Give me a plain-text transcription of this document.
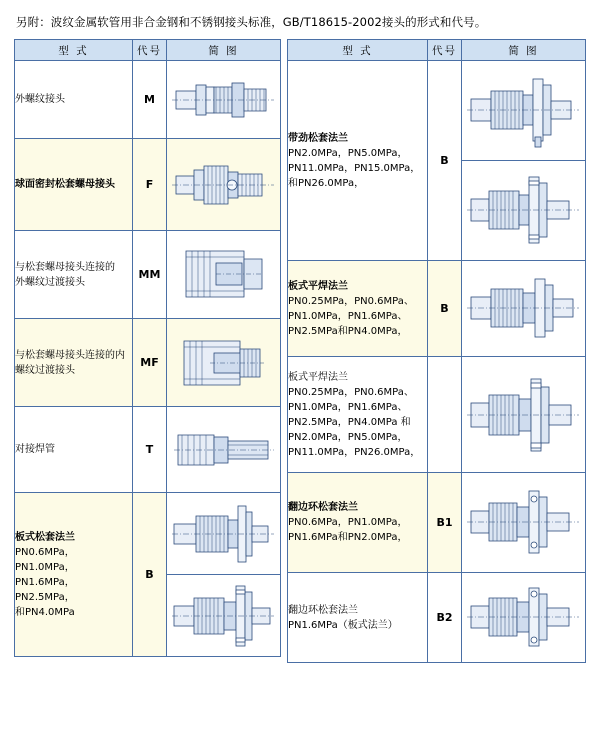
另附：波纹金属软管用非合金钢和不锈钢接头标准，GB/T18615-2002接头的形式和代号。
型 式	代号	简 图

外螺纹接头	M	

球面密封松套螺母接头	F	

与松套螺母接头连接的
外螺纹过渡接头	MM	

与松套螺母接头连接的内
螺纹过渡接头	MF	

对接焊管	T	

板式松套法兰
PN0.6MPa，PN1.0MPa，
PN1.6MPa，PN2.5MPa，
和PN4.0MPa	B	

型 式	代号	简 图

带劲松套法兰
PN2.0MPa，PN5.0MPa，
PN11.0MPa，PN15.0MPa，
和PN26.0MPa，	B	

板式平焊法兰
PN0.25MPa，PN0.6MPa、
PN1.0MPa，PN1.6MPa、
PN2.5MPa和PN4.0MPa，	B	

板式平焊法兰
PN0.25MPa，PN0.6MPa、
PN1.0MPa，PN1.6MPa、
PN2.5MPa，PN4.0MPa 和
PN2.0MPa，PN5.0MPa，
PN11.0MPa，PN26.0MPa，

翻边环松套法兰
PN0.6MPa，PN1.0MPa，
PN1.6MPa和PN2.0MPa，	B1	

翻边环松套法兰
PN1.6MPa（板式法兰）	B2	
